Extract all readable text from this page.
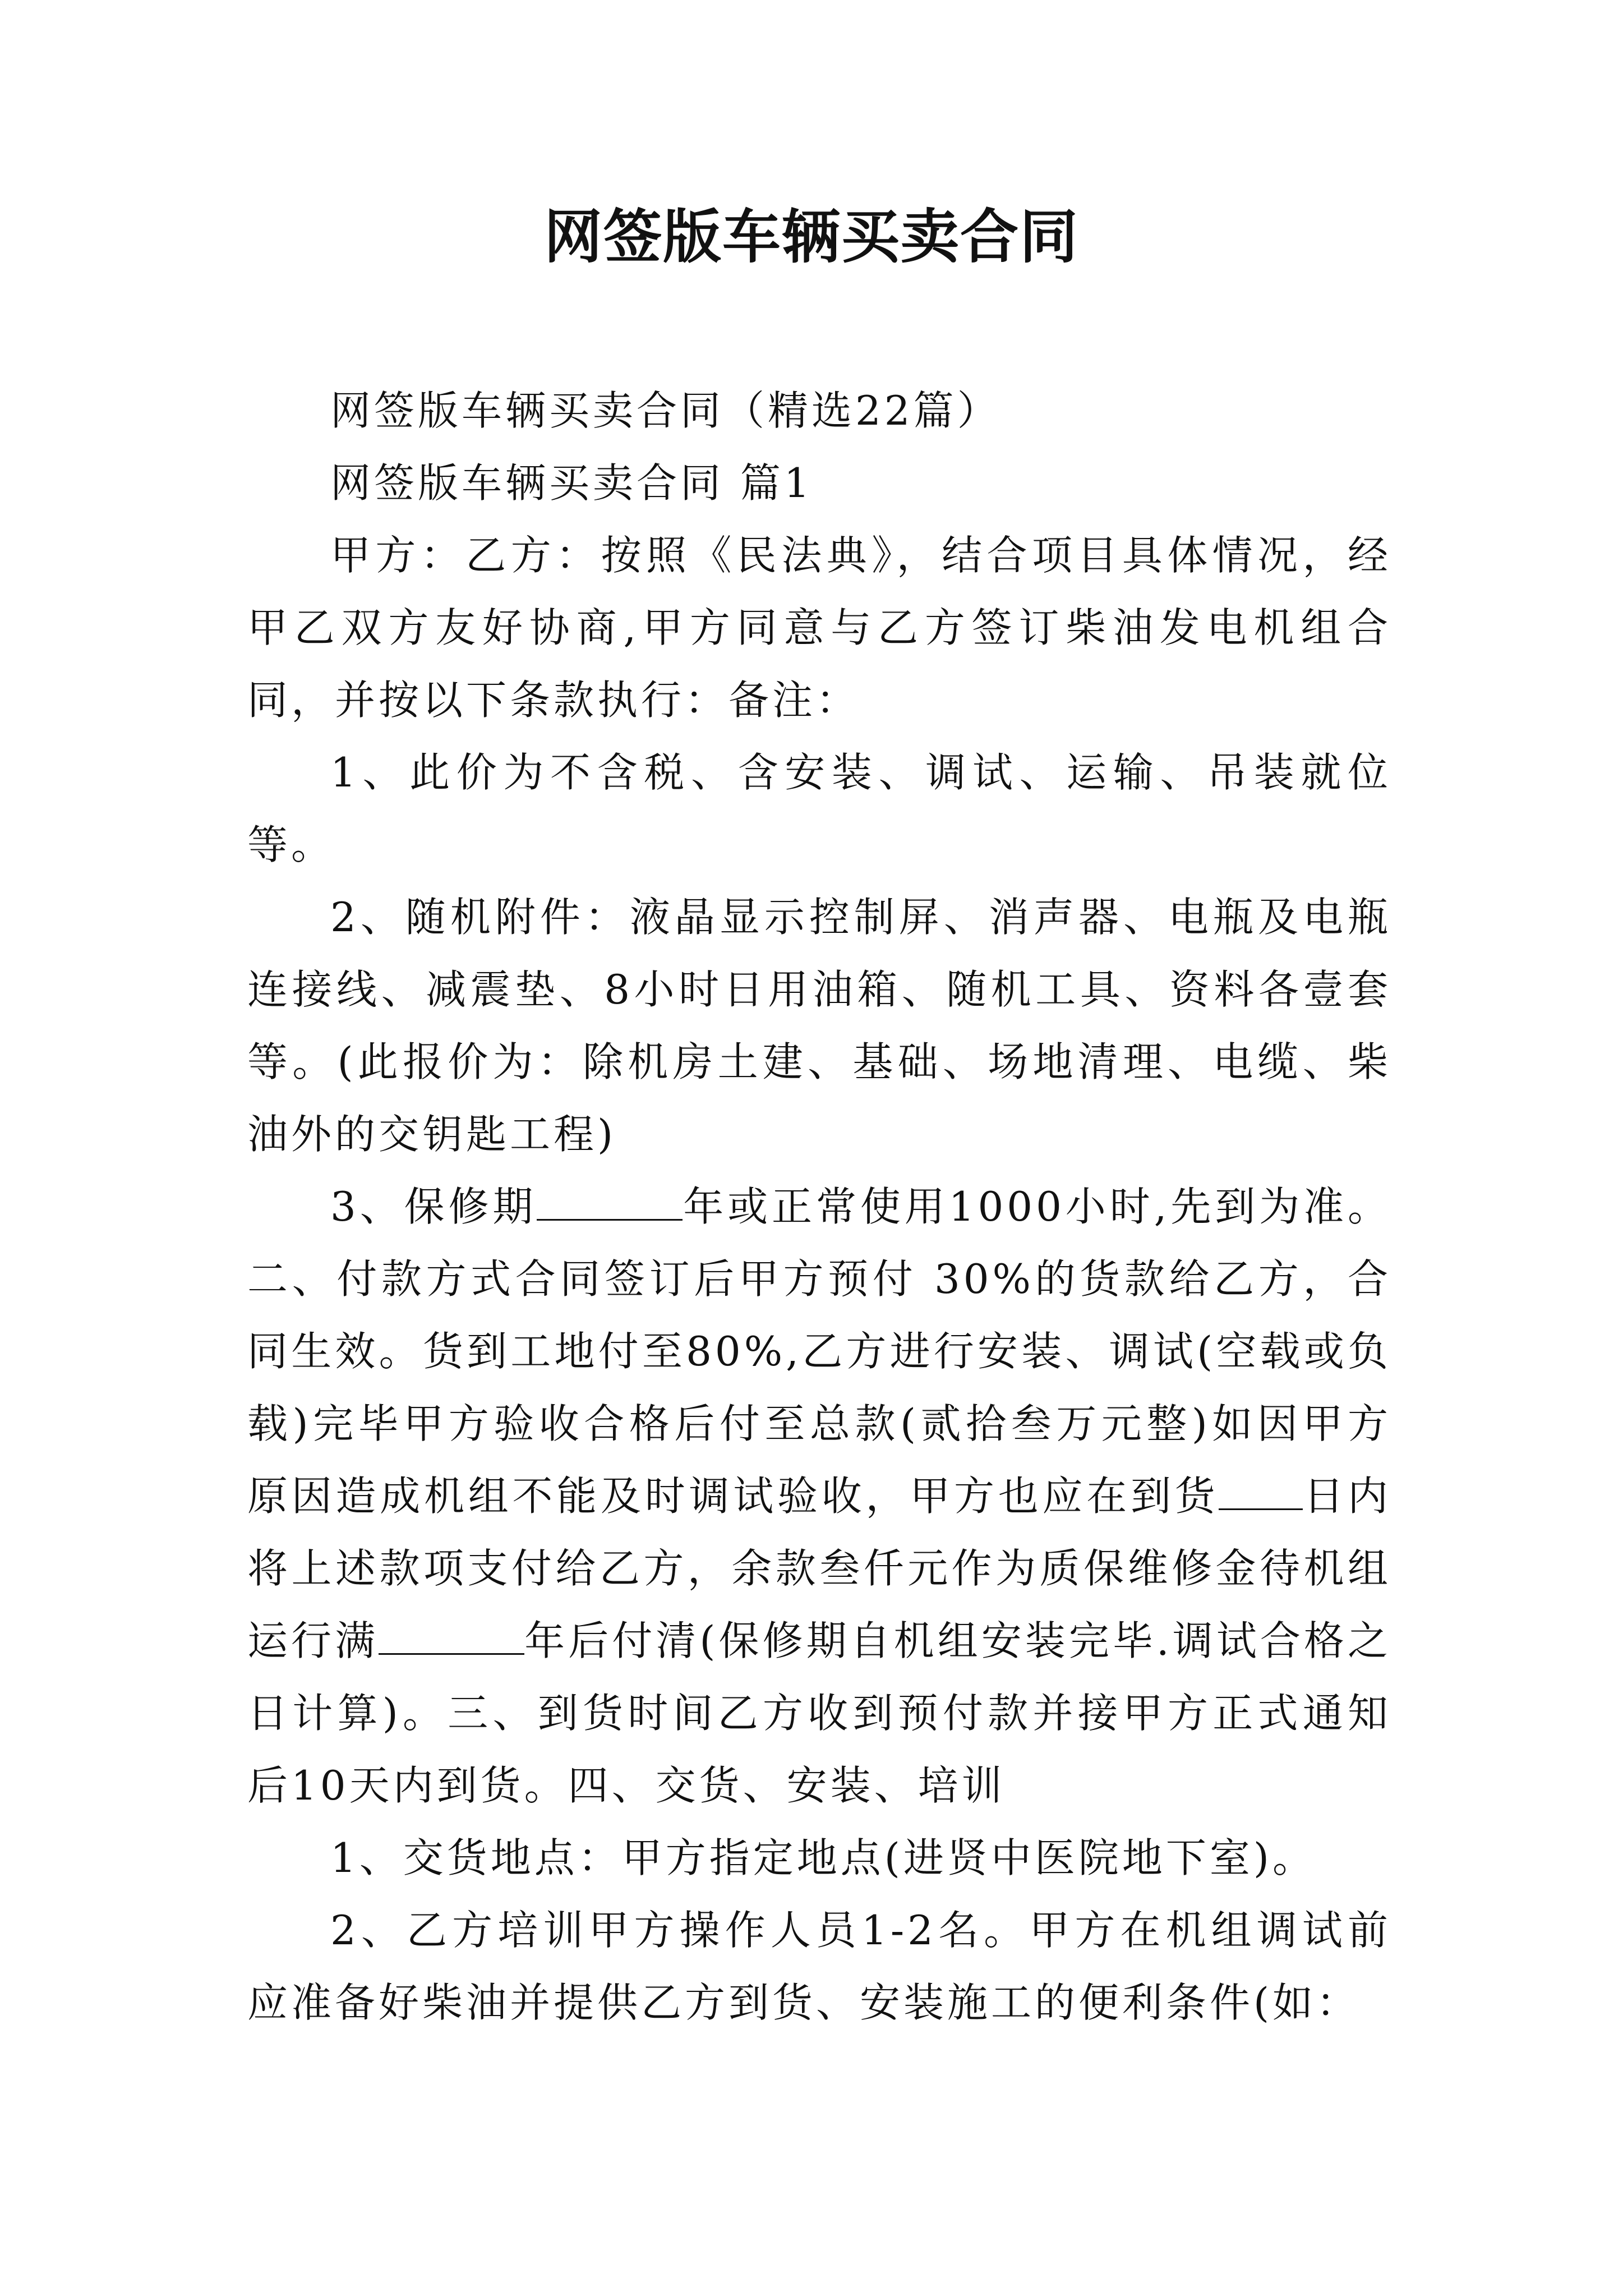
网签版车辆买卖合同

网签版车辆买卖合同（精选22篇）

网签版车辆买卖合同 篇1

甲方：乙方：按照《民法典》，结合项目具体情况，经甲乙双方友好协商,甲方同意与乙方签订柴油发电机组合同，并按以下条款执行：备注：

1、此价为不含税、含安装、调试、运输、吊装就位等。

2、随机附件：液晶显示控制屏、消声器、电瓶及电瓶连接线、减震垫、8小时日用油箱、随机工具、资料各壹套等。(此报价为：除机房土建、基础、场地清理、电缆、柴油外的交钥匙工程)

3、保修期	年或正常使用1000小时,先到为准。二、付款方式合同签订后甲方预付 30%的货款给乙方，合同生效。货到工地付至80%,乙方进行安装、调试(空载或负载)完毕甲方验收合格后付至总款(贰拾叁万元整)如因甲方原因造成机组不能及时调试验收，甲方也应在到货 日内将上述款项支付给乙方，余款叁仟元作为质保维修金待机组运行满	年后付清(保修期自机组安装完毕.调试合格之日计算)。三、到货时间乙方收到预付款并接甲方正式通知后10天内到货。四、交货、安装、培训

1、交货地点：甲方指定地点(进贤中医院地下室)。

2、乙方培训甲方操作人员1-2名。甲方在机组调试前应准备好柴油并提供乙方到货、安装施工的便利条件(如：
